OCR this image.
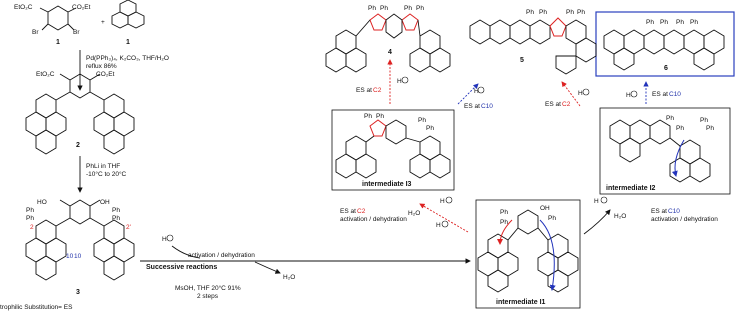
EtO₂C	CO₂Et
Br	Br
1
+
1
Pd(PPh₃)₄, K₂CO₃, THF/H₂O
reflux 86%
EtO₂C	CO₂Et
2
PhLi in THF
-10°C to 20°C
HO	OH
Ph
Ph
Ph
Ph
2	2'
10 10
3
trophilic Substitution= ES
H
activation / dehydration
Successive reactions
H₂O
MsOH, THF 20°C 91%
2 steps
Ph
Ph
OH
Ph
intermediate I1
ES at C2
activation / dehydration
H₂O
H
H
H
H₂O
ES at C10
activation / dehydration
Ph
Ph
Ph
Ph
intermediate I2
H	ES at C10
Ph Ph Ph Ph
6
Ph Ph	Ph Ph
5
H
ES at C10
H
ES at C2
Ph Ph Ph Ph
4
H
ES at C2
Ph Ph
Ph
Ph
intermediate I3
